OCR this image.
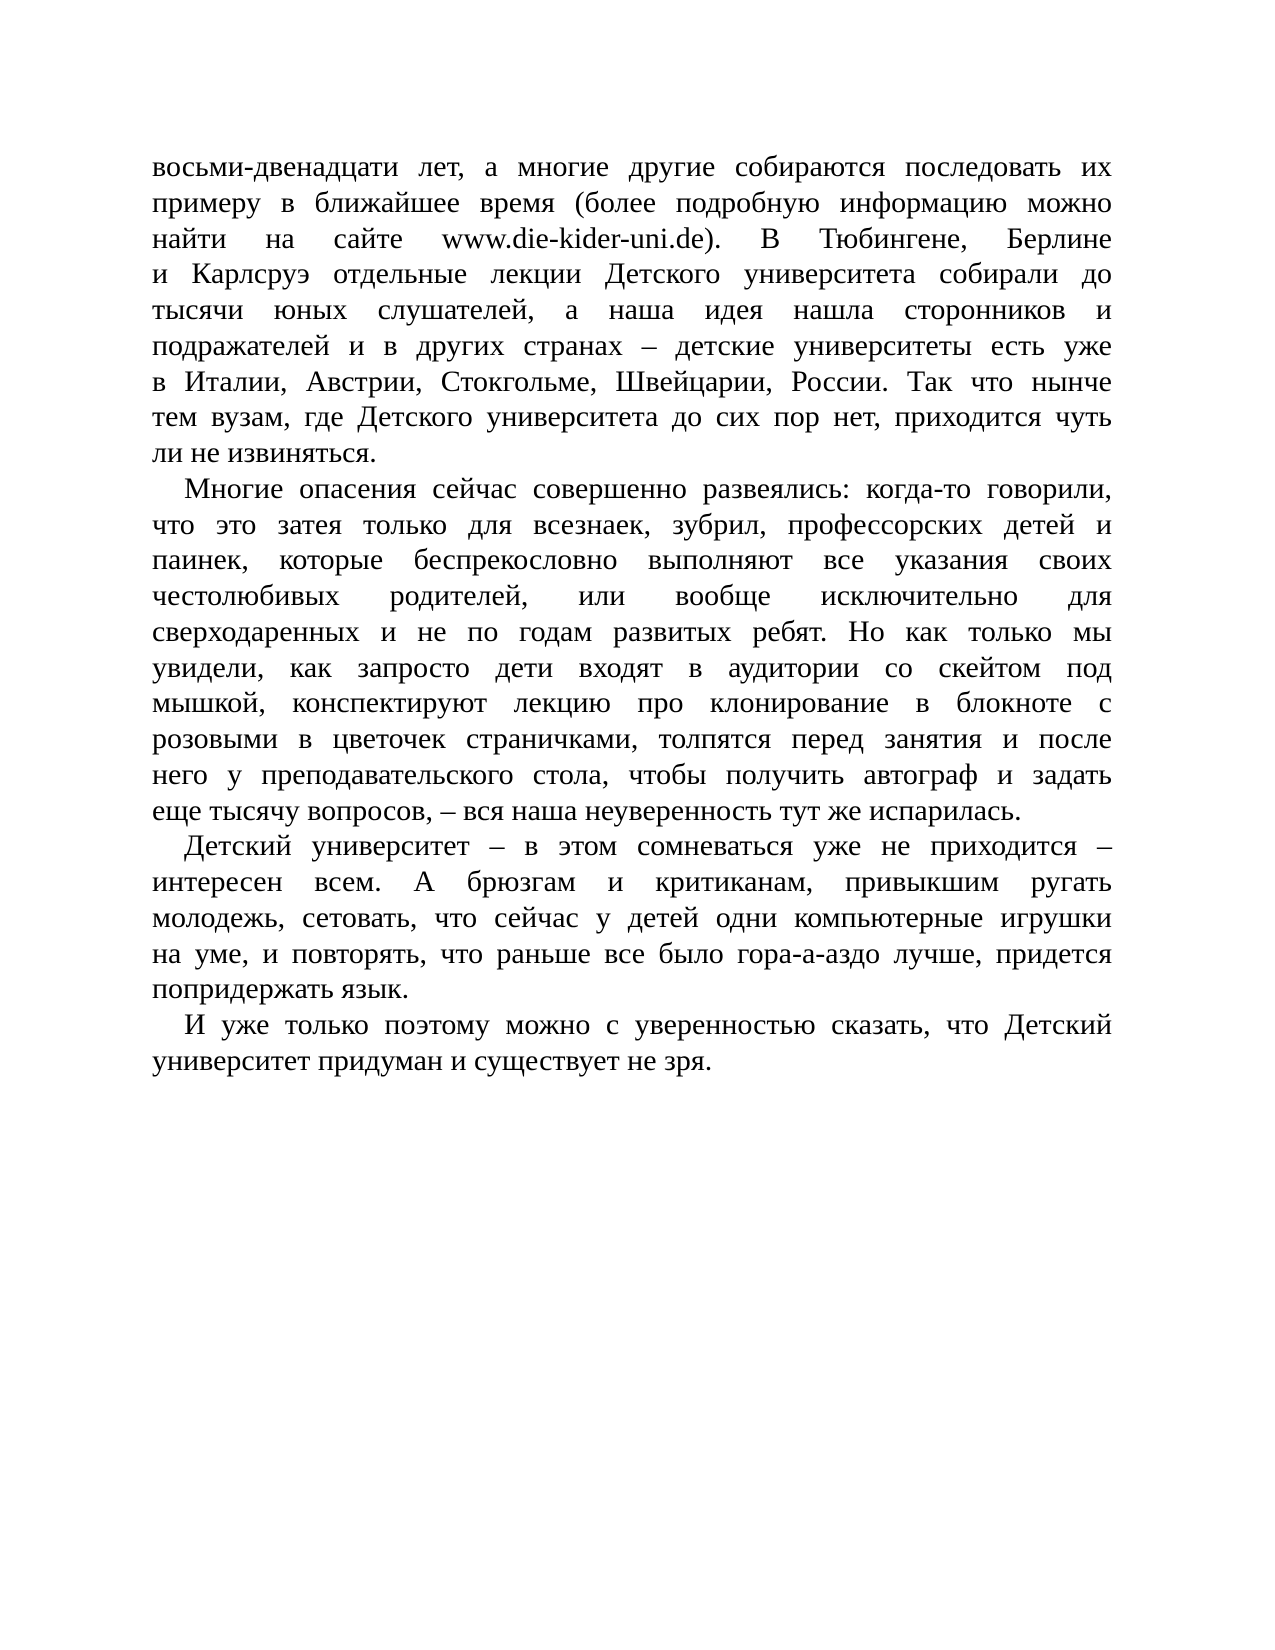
восьми-двенадцати лет, а многие другие собираются последовать их
примеру в ближайшее время (более подробную информацию можно
найти на сайте www.die-kider-uni.de). В Тюбингене, Берлине
и Карлсруэ отдельные лекции Детского университета собирали до
тысячи юных слушателей, а наша идея нашла сторонников и
подражателей и в других странах – детские университеты есть уже
в Италии, Австрии, Стокгольме, Швейцарии, России. Так что нынче
тем вузам, где Детского университета до сих пор нет, приходится чуть
ли не извиняться.
Многие опасения сейчас совершенно развеялись: когда-то говорили,
что это затея только для всезнаек, зубрил, профессорских детей и
паинек, которые беспрекословно выполняют все указания своих
честолюбивых родителей, или вообще исключительно для
сверходаренных и не по годам развитых ребят. Но как только мы
увидели, как запросто дети входят в аудитории со скейтом под
мышкой, конспектируют лекцию про клонирование в блокноте с
розовыми в цветочек страничками, толпятся перед занятия и после
него у преподавательского стола, чтобы получить автограф и задать
еще тысячу вопросов, – вся наша неуверенность тут же испарилась.
Детский университет – в этом сомневаться уже не приходится –
интересен всем. А брюзгам и критиканам, привыкшим ругать
молодежь, сетовать, что сейчас у детей одни компьютерные игрушки
на уме, и повторять, что раньше все было гора-а-аздо лучше, придется
попридержать язык.
И уже только поэтому можно с уверенностью сказать, что Детский
университет придуман и существует не зря.
